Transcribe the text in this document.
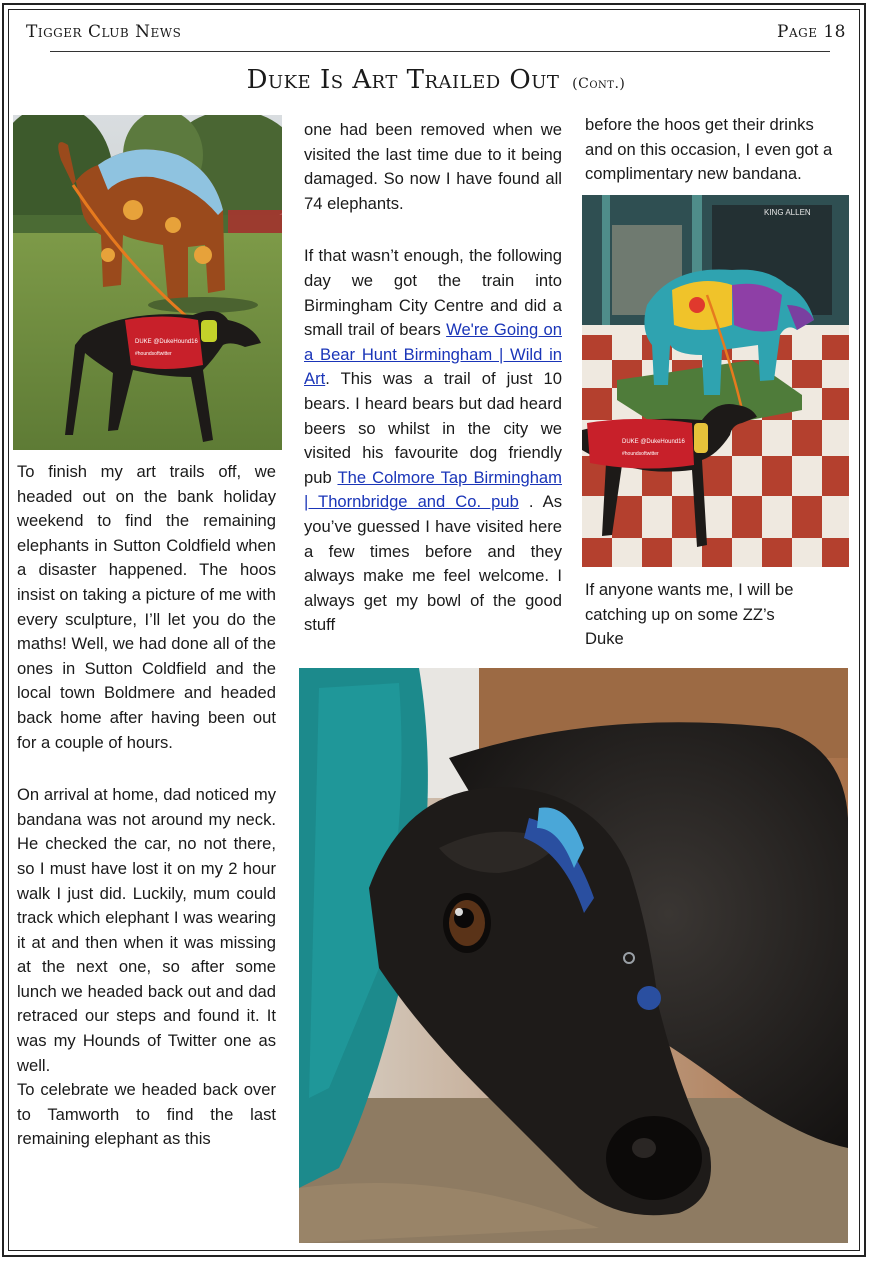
Tigger Club News	Page 18
Duke Is Art Trailed Out (Cont.)
DUKE @DukeHound16
#houndsoftwitter

To finish my art trails off, we headed out on the bank holiday weekend to find the remaining elephants in Sutton Coldfield when a disaster happened. The hoos insist on taking a picture of me with every sculpture, I’ll let you do the maths! Well, we had done all of the ones in Sutton Coldfield and the local town Boldmere and headed back home after having been out for a couple of hours.

On arrival at home, dad noticed my bandana was not around my neck. He checked the car, no not there, so I must have lost it on my 2 hour walk I just did. Luckily, mum could track which elephant I was wearing it at and then when it was missing at the next one, so after some lunch we headed back out and dad retraced our steps and found it. It was my Hounds of Twitter one as well.

To celebrate we headed back over to Tamworth to find the last remaining elephant as this

one had been removed when we visited the last time due to it being damaged. So now I have found all 74 elephants.

If that wasn’t enough, the following day we got the train into Birmingham City Centre and did a small trail of bears We're Going on a Bear Hunt Birmingham | Wild in Art. This was a trail of just 10 bears. I heard bears but dad heard beers so whilst in the city we visited his favourite dog friendly pub The Colmore Tap Birmingham | Thornbridge and Co. pub . As you’ve guessed I have visited here a few times before and they always make me feel welcome. I always get my bowl of the good stuff

before the hoos get their drinks and on this occasion, I even got a complimentary new bandana.

KING ALLEN
DUKE @DukeHound16
#houndsoftwitter

If anyone wants me, I will be catching up on some ZZ’s

Duke
